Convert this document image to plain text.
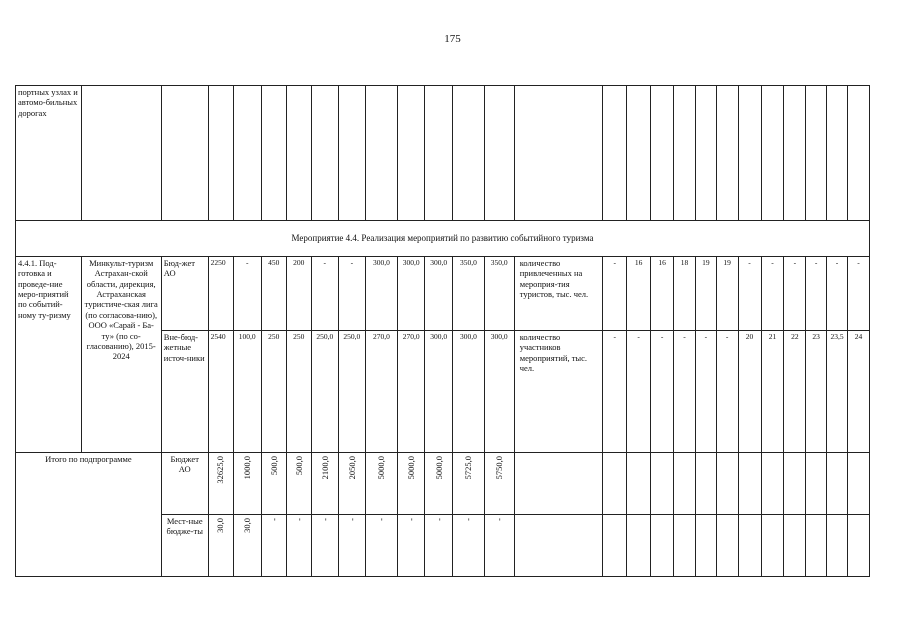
175
портных узлах и автомо-бильных дорогах																										
Мероприятие 4.4. Реализация мероприятий по развитию событийного туризма																										
4.4.1. Под-готовка и проведе-ние меро-приятий по событий-ному ту-ризму	Минкульт-туризм Астрахан-ской области, дирекция, Астраханская туристиче-ская лига (по согласова-нию), ООО «Сарай - Ба-ту» (по со-гласованию), 2015-2024	Бюд-жет АО	2250	-	450	200	-	-	300,0	300,0	300,0	350,0	350,0	количество привлеченных на мероприя-тия туристов, тыс. чел.	-	16	16	18	19	19	-	-	-	-	-	-
		Вне-бюд-жетные источ-ники	2540	100,0	250	250	250,0	250,0	270,0	270,0	300,0	300,0	300,0	количество участников мероприятий, тыс. чел.	-	-	-	-	-	-	20	21	22	23	23,5	24
Итого по подпрограмме		Бюджет АО	32625,0	1000,0	500,0	500,0	2100,0	2050,0	5000,0	5000,0	5000,0	5725,0	5750,0													

		Мест-ные бюдже-ты	30,0	30,0	-	-	-	-	-	-	-	-	-													
